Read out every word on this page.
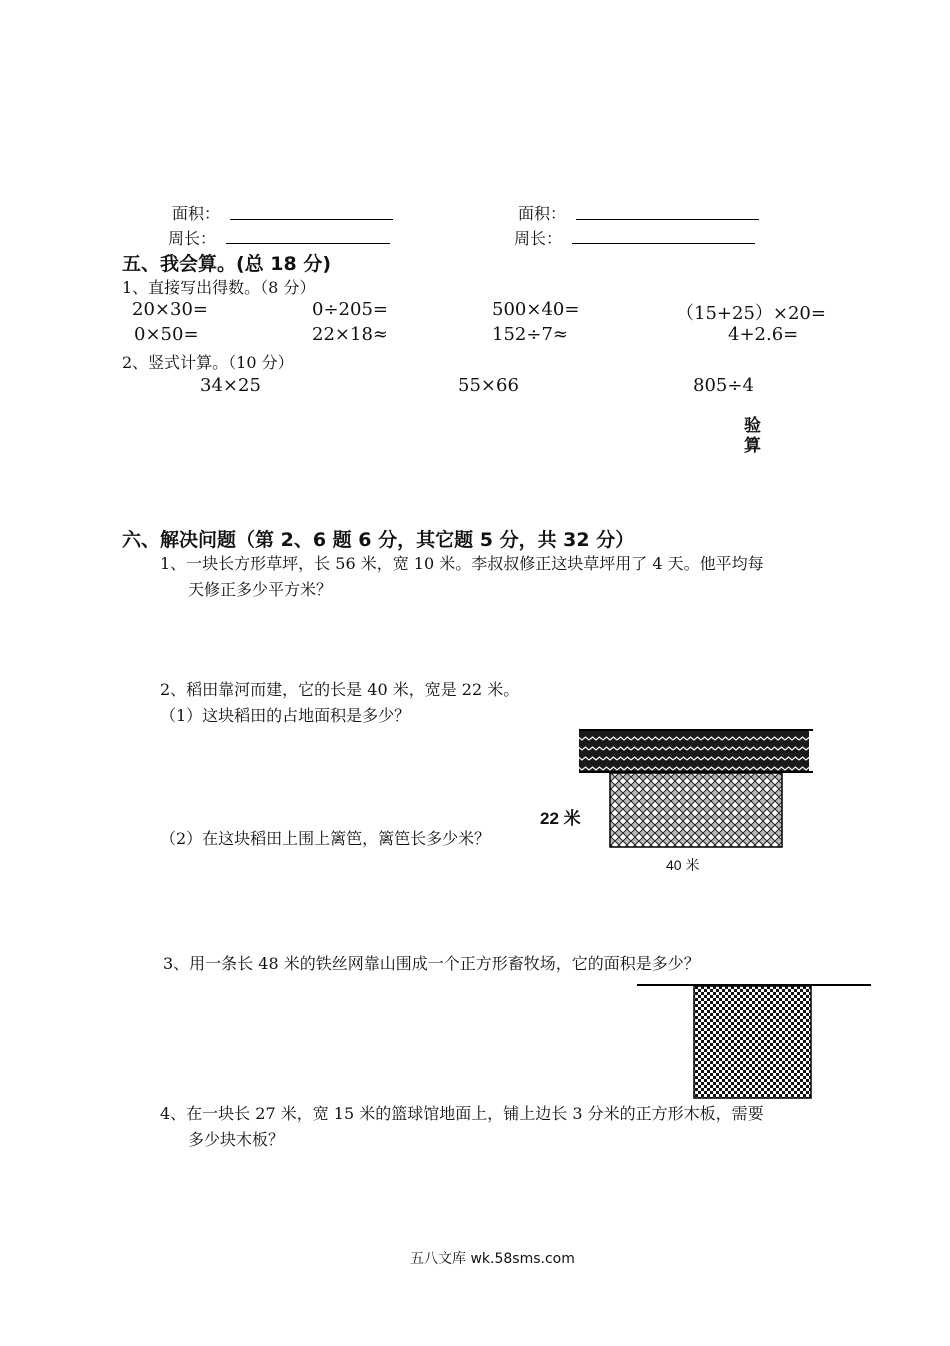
面积：	面积：
周长：	周长：
五、我会算。(总 18 分)
1、直接写出得数。（8 分）
20×30=	0÷205=	500×40=	（15+25）×20=
0×50=	22×18≈	152÷7≈	4+2.6=
2、竖式计算。（10 分）
34×25	55×66	805÷4
验算
六、解决问题（第 2、6 题 6 分，其它题 5 分，共 32 分）
1、一块长方形草坪，长 56 米，宽 10 米。李叔叔修正这块草坪用了 4 天。他平均每
天修正多少平方米？
2、稻田靠河而建，它的长是 40 米，宽是 22 米。
（1）这块稻田的占地面积是多少？
（2）在这块稻田上围上篱笆，篱笆长多少米？
22 米
40 米
3、用一条长 48 米的铁丝网靠山围成一个正方形畜牧场，它的面积是多少？
4、在一块长 27 米，宽 15 米的篮球馆地面上，铺上边长 3 分米的正方形木板，需要
多少块木板？
五八文库 wk.58sms.com
